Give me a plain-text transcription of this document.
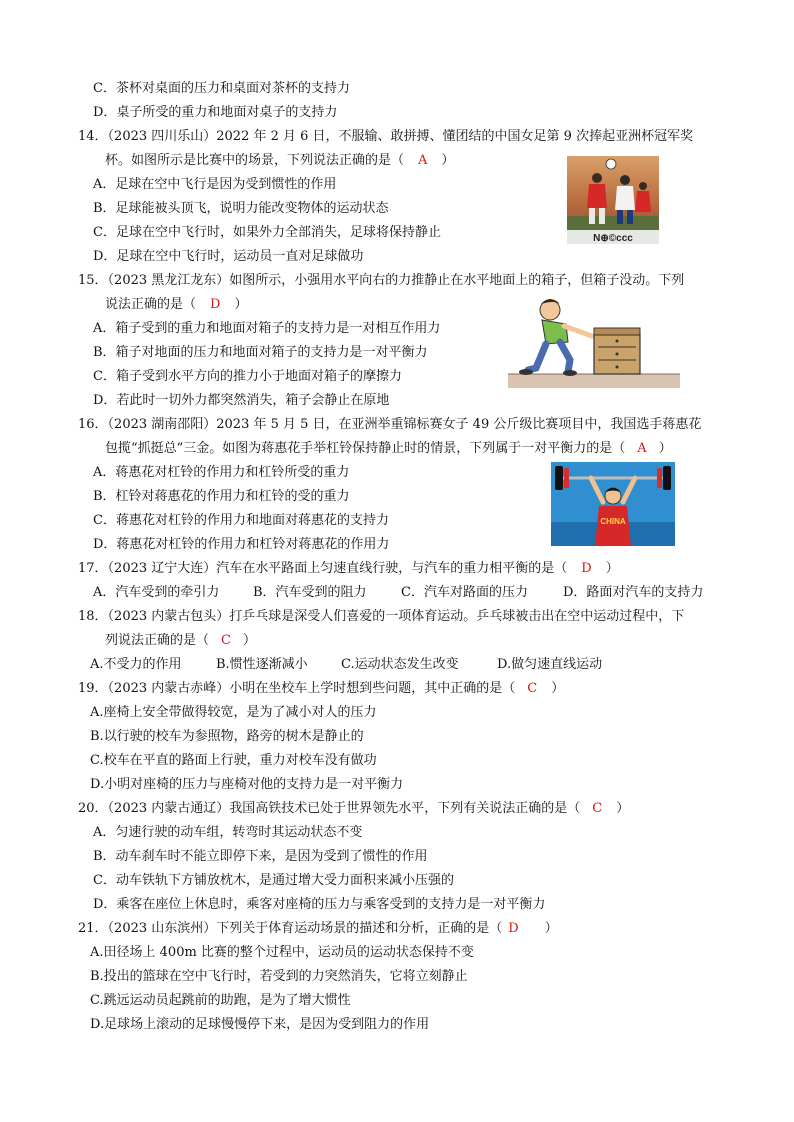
C．茶杯对桌面的压力和桌面对茶杯的支持力
D．桌子所受的重力和地面对桌子的支持力
14．（2023 四川乐山）2022 年 2 月 6 日，不服输、敢拼搏、懂团结的中国女足第 9 次捧起亚洲杯冠军奖
杯。如图所示是比赛中的场景，下列说法正确的是（ A ）
A．足球在空中飞行是因为受到惯性的作用
B．足球能被头顶飞，说明力能改变物体的运动状态
C．足球在空中飞行时，如果外力全部消失，足球将保持静止
D．足球在空中飞行时，运动员一直对足球做功
N⊕©ccc
15．（2023 黑龙江龙东）如图所示，小强用水平向右的力推静止在水平地面上的箱子，但箱子没动。下列
说法正确的是（ D ）
A．箱子受到的重力和地面对箱子的支持力是一对相互作用力
B．箱子对地面的压力和地面对箱子的支持力是一对平衡力
C．箱子受到水平方向的推力小于地面对箱子的摩擦力
D．若此时一切外力都突然消失，箱子会静止在原地
16．（2023 湖南邵阳）2023 年 5 月 5 日，在亚洲举重锦标赛女子 49 公斤级比赛项目中，我国选手蒋惠花
包揽“抓挺总”三金。如图为蒋惠花手举杠铃保持静止时的情景，下列属于一对平衡力的是（ A ）
A．蒋惠花对杠铃的作用力和杠铃所受的重力
B．杠铃对蒋惠花的作用力和杠铃的受的重力
C．蒋惠花对杠铃的作用力和地面对蒋惠花的支持力
D．蒋惠花对杠铃的作用力和杠铃对蒋惠花的作用力
CHINA
17．（2023 辽宁大连）汽车在水平路面上匀速直线行驶，与汽车的重力相平衡的是（ D ）
A．汽车受到的牵引力	B．汽车受到的阻力	C．汽车对路面的压力	D．路面对汽车的支持力
18．（2023 内蒙古包头）打乒乓球是深受人们喜爱的一项体育运动。乒乓球被击出在空中运动过程中，下
列说法正确的是（ C ）
A.不受力的作用	B.惯性逐渐减小	C.运动状态发生改变	D.做匀速直线运动
19．（2023 内蒙古赤峰）小明在坐校车上学时想到些问题，其中正确的是（ C ）
A.座椅上安全带做得较宽，是为了减小对人的压力
B.以行驶的校车为参照物，路旁的树木是静止的
C.校车在平直的路面上行驶，重力对校车没有做功
D.小明对座椅的压力与座椅对他的支持力是一对平衡力
20．（2023 内蒙古通辽）我国高铁技术已处于世界领先水平，下列有关说法正确的是（ C ）
A．匀速行驶的动车组，转弯时其运动状态不变
B．动车刹车时不能立即停下来，是因为受到了惯性的作用
C．动车铁轨下方铺放枕木，是通过增大受力面积来减小压强的
D．乘客在座位上休息时，乘客对座椅的压力与乘客受到的支持力是一对平衡力
21．（2023 山东滨州）下列关于体育运动场景的描述和分析，正确的是（ D ）
A.田径场上 400m 比赛的整个过程中，运动员的运动状态保持不变
B.投出的篮球在空中飞行时，若受到的力突然消失，它将立刻静止
C.跳远运动员起跳前的助跑，是为了增大惯性
D.足球场上滚动的足球慢慢停下来，是因为受到阻力的作用
